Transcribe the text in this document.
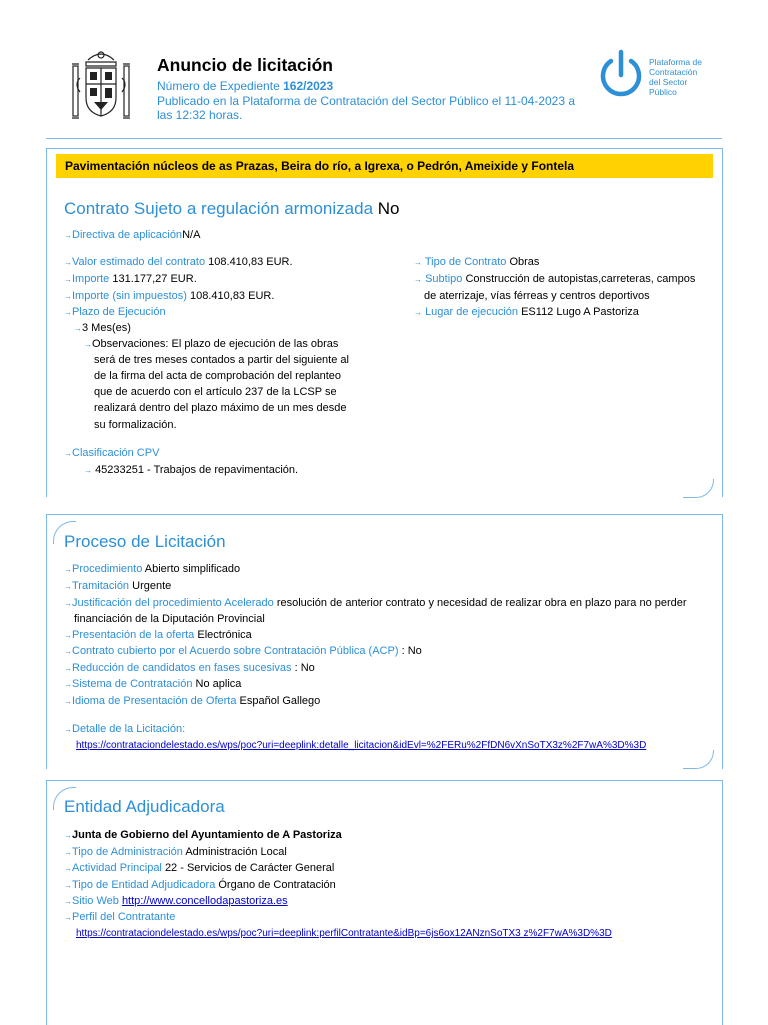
Anuncio de licitación
Número de Expediente 162/2023
Publicado en la Plataforma de Contratación del Sector Público el 11-04-2023 a
las 12:32 horas.
Plataforma de
Contratación
del Sector
Público
Pavimentación núcleos de as Prazas, Beira do río, a Igrexa, o Pedrón, Ameixide y Fontela
Contrato Sujeto a regulación armonizada No
→Directiva de aplicaciónN/A
→Valor estimado del contrato 108.410,83 EUR.
→Importe 131.177,27 EUR.
→Importe (sin impuestos) 108.410,83 EUR.
→Plazo de Ejecución
→3 Mes(es)
→Observaciones: El plazo de ejecución de las obras
será de tres meses contados a partir del siguiente al
de la firma del acta de comprobación del replanteo
que de acuerdo con el artículo 237 de la LCSP se
realizará dentro del plazo máximo de un mes desde
su formalización.
→Clasificación CPV
→ 45233251 - Trabajos de repavimentación.
→ Tipo de Contrato Obras
→ Subtipo Construcción de autopistas,carreteras, campos
de aterrizaje, vías férreas y centros deportivos
→ Lugar de ejecución ES112 Lugo A Pastoriza
Proceso de Licitación
→Procedimiento Abierto simplificado
→Tramitación Urgente
→Justificación del procedimiento Acelerado resolución de anterior contrato y necesidad de realizar obra en plazo para no perder
financiación de la Diputación Provincial
→Presentación de la oferta Electrónica
→Contrato cubierto por el Acuerdo sobre Contratación Pública (ACP) : No
→Reducción de candidatos en fases sucesivas : No
→Sistema de Contratación No aplica
→Idioma de Presentación de Oferta Español Gallego
→Detalle de la Licitación:
https://contrataciondelestado.es/wps/poc?uri=deeplink:detalle_licitacion&idEvl=%2FERu%2FfDN6vXnSoTX3z%2F7wA%3D%3D
Entidad Adjudicadora
→Junta de Gobierno del Ayuntamiento de A Pastoriza
→Tipo de Administración Administración Local
→Actividad Principal 22 - Servicios de Carácter General
→Tipo de Entidad Adjudicadora Órgano de Contratación
→Sitio Web http://www.concellodapastoriza.es
→Perfil del Contratante
https://contrataciondelestado.es/wps/poc?uri=deeplink:perfilContratante&idBp=6js6ox12ANznSoTX3 z%2F7wA%3D%3D
